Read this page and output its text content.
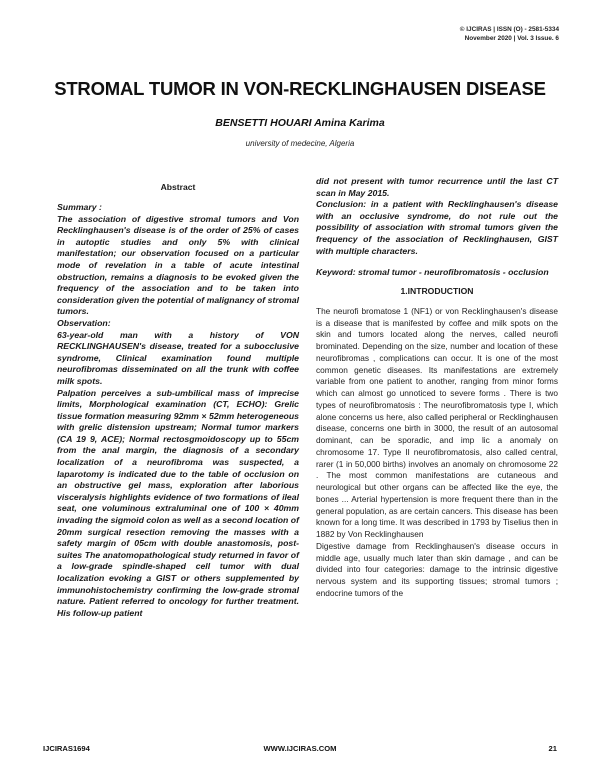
© IJCIRAS | ISSN (O) - 2581-5334
November 2020 | Vol. 3 Issue. 6
STROMAL TUMOR IN VON-RECKLINGHAUSEN DISEASE
BENSETTI HOUARI Amina Karima
university of medecine, Algeria
Abstract

Summary :

The association of digestive stromal tumors and Von Recklinghausen's disease is of the order of 25% of cases in autoptic studies and only 5% with clinical manifestation; our observation focused on a particular mode of revelation in a table of acute intestinal obstruction, remains a diagnosis to be evoked given the frequency of the association and to be taken into consideration given the potential of malignancy of stromal tumors.

Observation:

63-year-old man with a history of VON RECKLINGHAUSEN's disease, treated for a subocclusive syndrome, Clinical examination found multiple neurofibromas disseminated on all the trunk with coffee milk spots.

Palpation perceives a sub-umbilical mass of imprecise limits, Morphological examination (CT, ECHO): Grelic tissue formation measuring 92mm × 52mm heterogeneous with grelic distension upstream; Normal tumor markers (CA 19 9, ACE); Normal rectosgmoidoscopy up to 55cm from the anal margin, the diagnosis of a secondary localization of a neurofibroma was suspected, a laparotomy is indicated due to the table of occlusion on an obstructive gel mass, exploration after laborious visceralysis highlights evidence of two formations of ileal seat, one voluminous extraluminal one of 100 × 40mm invading the sigmoid colon as well as a second location of 20mm surgical resection removing the masses with a safety margin of 05cm with double anastomosis, post-suites The anatomopathological study returned in favor of a low-grade spindle-shaped cell tumor with dual localization evoking a GIST or others supplemented by immunohistochemistry confirming the low-grade stromal nature. Patient referred to oncology for further treatment. His follow-up patient

did not present with tumor recurrence until the last CT scan in May 2015.

Conclusion: in a patient with Recklinghausen's disease with an occlusive syndrome, do not rule out the possibility of association with stromal tumors given the frequency of the association of Recklinghausen, GIST with multiple characters.

Keyword: stromal tumor - neurofibromatosis - occlusion

1.INTRODUCTION

The neurofi bromatose 1 (NF1) or von Recklinghausen's disease is a disease that is manifested by coffee and milk spots on the skin and tumors located along the nerves, called neurofi brominated. Depending on the size, number and location of these neurofibromas , complications can occur. It is one of the most common genetic diseases. Its manifestations are extremely variable from one patient to another, ranging from minor forms which can almost go unnoticed to severe forms . There is two types of neurofibromatosis : The neurofibromatosis type I, which alone concerns us here, also called peripheral or Recklinghausen disease, concerns one birth in 3000, the result of an autosomal dominant, can be sporadic, and imp lic a anomaly on chromosome 17. Type II neurofibromatosis, also called central, rarer (1 in 50,000 births) involves an anomaly on chromosome 22 . The most common manifestations are cutaneous and neurological but other organs can be affected like the eye, the bones ... Arterial hypertension is more frequent there than in the general population, as are certain cancers. This disease has been known for a long time. It was described in 1793 by Tiselius then in 1882 by Von Recklinghausen

Digestive damage from Recklinghausen's disease occurs in middle age, usually much later than skin damage , and can be divided into four categories: damage to the intrinsic digestive nervous system and its supporting tissues; stromal tumors ; endocrine tumors of the

IJCIRAS1694	WWW.IJCIRAS.COM	21
